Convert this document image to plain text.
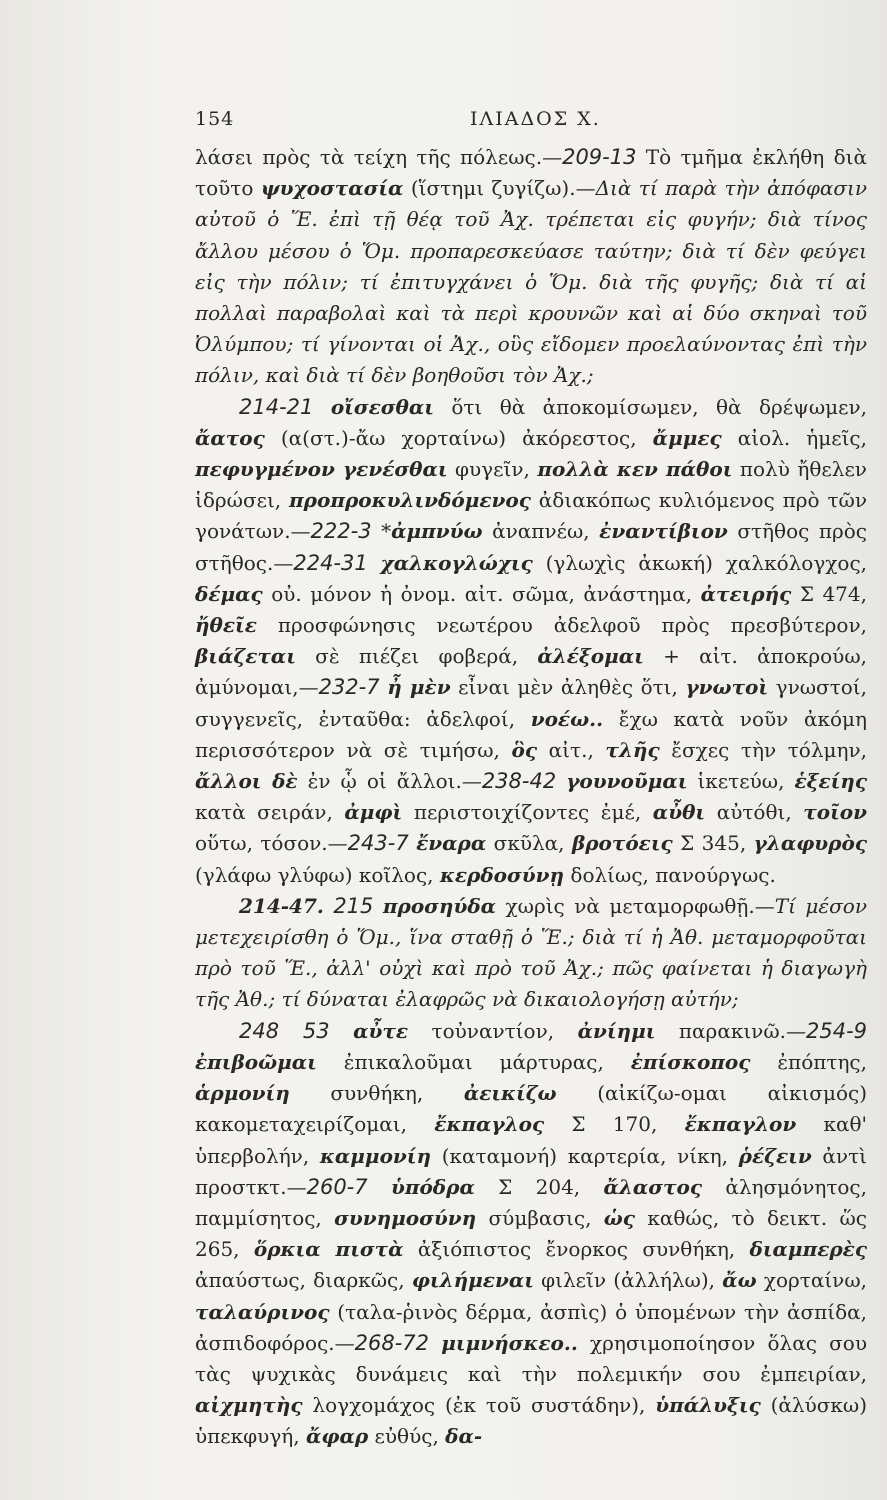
154	ΙΛΙΑΔΟΣ Χ.

λάσει πρὸς τὰ τείχη τῆς πόλεως.—209-13 Τὸ τμῆμα ἐκλήθη διὰ τοῦτο ψυχοστασία (ἵστημι ζυγίζω).—Διὰ τί παρὰ τὴν ἀπόφασιν αὐτοῦ ὁ Ἕ. ἐπὶ τῇ θέᾳ τοῦ Ἀχ. τρέπεται εἰς φυγήν; διὰ τίνος ἄλλου μέσου ὁ Ὅμ. προπαρεσκεύασε ταύτην; διὰ τί δὲν φεύγει εἰς τὴν πόλιν; τί ἐπιτυγχάνει ὁ Ὅμ. διὰ τῆς φυγῆς; διὰ τί αἱ πολλαὶ παραβολαὶ καὶ τὰ περὶ κρουνῶν καὶ αἱ δύο σκηναὶ τοῦ Ὀλύμπου; τί γίνονται οἱ Ἀχ., οὓς εἴδομεν προελαύνοντας ἐπὶ τὴν πόλιν, καὶ διὰ τί δὲν βοηθοῦσι τὸν Ἀχ.;

214-21 οἴσεσθαι ὅτι θὰ ἀποκομίσωμεν, θὰ δρέψωμεν, ἄατος (α(στ.)-ἄω χορταίνω) ἀκόρεστος, ἄμμες αἰολ. ἡμεῖς, πεφυγμένον γενέσθαι φυγεῖν, πολλὰ κεν πάθοι πολὺ ἤθελεν ἱδρώσει, προπροκυλινδόμενος ἀδιακόπως κυλιόμενος πρὸ τῶν γονάτων.—222-3 *ἀμπνύω ἀναπνέω, ἐναντίβιον στῆθος πρὸς στῆθος.—224-31 χαλκογλώχις (γλωχὶς ἀκωκή) χαλκόλογχος, δέμας οὐ. μόνον ἡ ὀνομ. αἰτ. σῶμα, ἀνάστημα, ἀτειρής Σ 474, ἤθεῖε προσφώνησις νεωτέρου ἀδελφοῦ πρὸς πρεσβύτερον, βιάζεται σὲ πιέζει φοβερά, ἀλέξομαι + αἰτ. ἀποκρούω, ἀμύνομαι,—232-7 ἦ μὲν εἶναι μὲν ἀληθὲς ὅτι, γνωτοὶ γνωστοί, συγγενεῖς, ἐνταῦθα: ἀδελφοί, νοέω.. ἔχω κατὰ νοῦν ἀκόμη περισσότερον νὰ σὲ τιμήσω, ὃς αἰτ., τλῆς ἔσχες τὴν τόλμην, ἄλλοι δὲ ἐν ᾧ οἱ ἄλλοι.—238-42 γουνοῦμαι ἱκετεύω, ἑξείης κατὰ σειράν, ἀμφὶ περιστοιχίζοντες ἐμέ, αὖθι αὐτόθι, τοῖον οὕτω, τόσον.—243-7 ἔναρα σκῦλα, βροτόεις Σ 345, γλαφυρὸς (γλάφω γλύφω) κοῖλος, κερδοσύνῃ δολίως, πανούργως.

214-47. 215 προσηύδα χωρὶς νὰ μεταμορφωθῇ.—Τί μέσον μετεχειρίσθη ὁ Ὅμ., ἵνα σταθῇ ὁ Ἕ.; διὰ τί ἡ Ἀθ. μεταμορφοῦται πρὸ τοῦ Ἕ., ἀλλ' οὐχὶ καὶ πρὸ τοῦ Ἀχ.; πῶς φαίνεται ἡ διαγωγὴ τῆς Ἀθ.; τί δύναται ἐλαφρῶς νὰ δικαιολογήσῃ αὐτήν;

248 53 αὖτε τοὐναντίον, ἀνίημι παρακινῶ.—254-9 ἐπιβοῶμαι ἐπικαλοῦμαι μάρτυρας, ἐπίσκοπος ἐπόπτης, ἁρμονίη συνθήκη, ἀεικίζω (αἰκίζω-ομαι αἰκισμός) κακομεταχειρίζομαι, ἔκπαγλος Σ 170, ἔκπαγλον καθ' ὑπερβολήν, καμμονίη (καταμονή) καρτερία, νίκη, ῥέζειν ἀντὶ προστκτ.—260-7 ὑπόδρα Σ 204, ἄλαστος ἀλησμόνητος, παμμίσητος, συνημοσύνη σύμβασις, ὡς καθώς, τὸ δεικτ. ὥς 265, ὅρκια πιστὰ ἀξιόπιστος ἔνορκος συνθήκη, διαμπερὲς ἀπαύστως, διαρκῶς, φιλήμεναι φιλεῖν (ἀλλήλω), ἄω χορταίνω, ταλαύρινος (ταλα-ῥινὸς δέρμα, ἀσπὶς) ὁ ὑπομένων τὴν ἀσπίδα, ἀσπιδοφόρος.—268-72 μιμνήσκεο.. χρησιμοποίησον ὅλας σου τὰς ψυχικὰς δυνάμεις καὶ τὴν πολεμικήν σου ἐμπειρίαν, αἰχμητὴς λογχομάχος (ἐκ τοῦ συστάδην), ὑπάλυξις (ἀλύσκω) ὑπεκφυγή, ἄφαρ εὐθύς, δα-
